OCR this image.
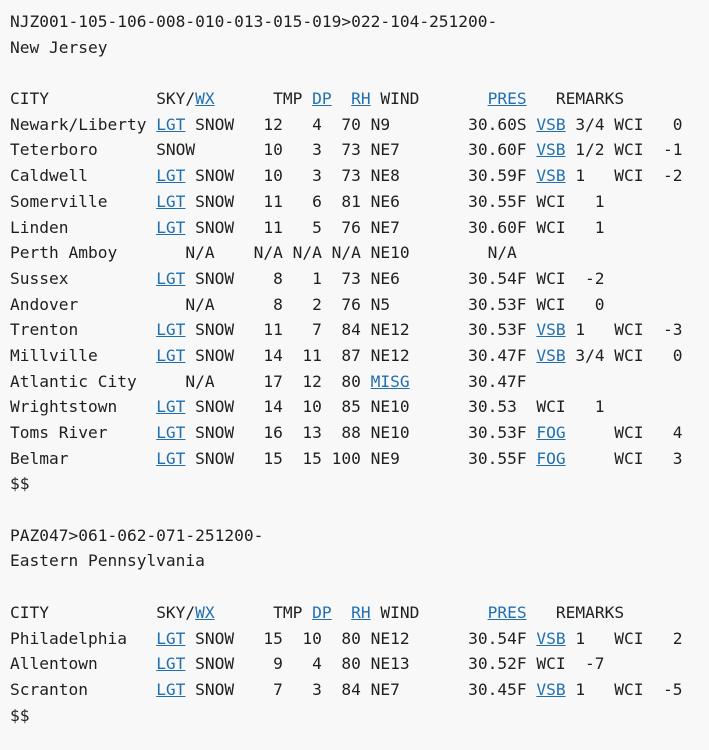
NJZ001-105-106-008-010-013-015-019>022-104-251200-
New Jersey

CITY	SKY/WX	TMP DP RH WIND	PRES REMARKS
Newark/Liberty LGT SNOW   12   4  70 N9        30.60S VSB 3/4 WCI   0
Teterboro      SNOW       10   3  73 NE7       30.60F VSB 1/2 WCI  -1
Caldwell       LGT SNOW   10   3  73 NE8       30.59F VSB 1   WCI  -2
Somerville     LGT SNOW   11   6  81 NE6       30.55F WCI   1
Linden         LGT SNOW   11   5  76 NE7       30.60F WCI   1
Perth Amboy       N/A    N/A N/A N/A NE10        N/A
Sussex         LGT SNOW    8   1  73 NE6       30.54F WCI  -2
Andover           N/A      8   2  76 N5        30.53F WCI   0
Trenton        LGT SNOW   11   7  84 NE12      30.53F VSB 1   WCI  -3
Millville      LGT SNOW   14  11  87 NE12      30.47F VSB 3/4 WCI   0
Atlantic City     N/A     17  12  80 MISG	30.47F
Wrightstown    LGT SNOW   14  10  85 NE10      30.53  WCI   1
Toms River     LGT SNOW   16  13  88 NE10      30.53F FOG     WCI   4
Belmar         LGT SNOW   15  15 100 NE9       30.55F FOG     WCI   3
$$

PAZ047>061-062-071-251200-
Eastern Pennsylvania

CITY	SKY/WX	TMP DP RH WIND	PRES REMARKS
Philadelphia   LGT SNOW   15  10  80 NE12      30.54F VSB 1   WCI   2
Allentown      LGT SNOW    9   4  80 NE13      30.52F WCI  -7
Scranton       LGT SNOW    7   3  84 NE7       30.45F VSB 1   WCI  -5
$$
